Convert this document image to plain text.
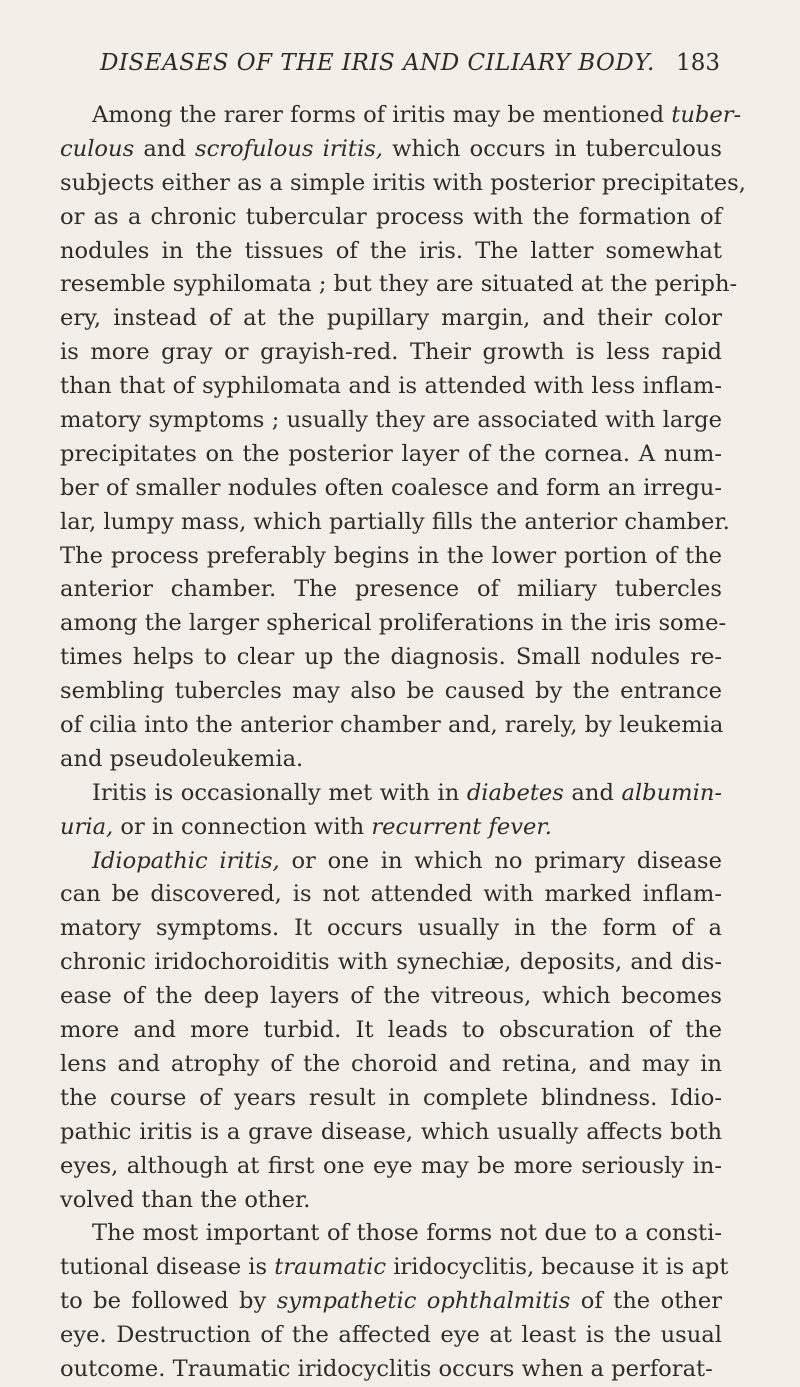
DISEASES OF THE IRIS AND CILIARY BODY. 183
Among the rarer forms of iritis may be mentioned tuber-
culous and scrofulous iritis, which occurs in tuberculous
subjects either as a simple iritis with posterior precipitates,
or as a chronic tubercular process with the formation of
nodules in the tissues of the iris. The latter somewhat
resemble syphilomata ; but they are situated at the periph-
ery, instead of at the pupillary margin, and their color
is more gray or grayish-red. Their growth is less rapid
than that of syphilomata and is attended with less inflam-
matory symptoms ; usually they are associated with large
precipitates on the posterior layer of the cornea. A num-
ber of smaller nodules often coalesce and form an irregu-
lar, lumpy mass, which partially fills the anterior chamber.
The process preferably begins in the lower portion of the
anterior chamber. The presence of miliary tubercles
among the larger spherical proliferations in the iris some-
times helps to clear up the diagnosis. Small nodules re-
sembling tubercles may also be caused by the entrance
of cilia into the anterior chamber and, rarely, by leukemia
and pseudoleukemia.
Iritis is occasionally met with in diabetes and albumin-
uria, or in connection with recurrent fever.
Idiopathic iritis, or one in which no primary disease
can be discovered, is not attended with marked inflam-
matory symptoms. It occurs usually in the form of a
chronic iridochoroiditis with synechiæ, deposits, and dis-
ease of the deep layers of the vitreous, which becomes
more and more turbid. It leads to obscuration of the
lens and atrophy of the choroid and retina, and may in
the course of years result in complete blindness. Idio-
pathic iritis is a grave disease, which usually affects both
eyes, although at first one eye may be more seriously in-
volved than the other.
The most important of those forms not due to a consti-
tutional disease is traumatic iridocyclitis, because it is apt
to be followed by sympathetic ophthalmitis of the other
eye. Destruction of the affected eye at least is the usual
outcome. Traumatic iridocyclitis occurs when a perforat-
